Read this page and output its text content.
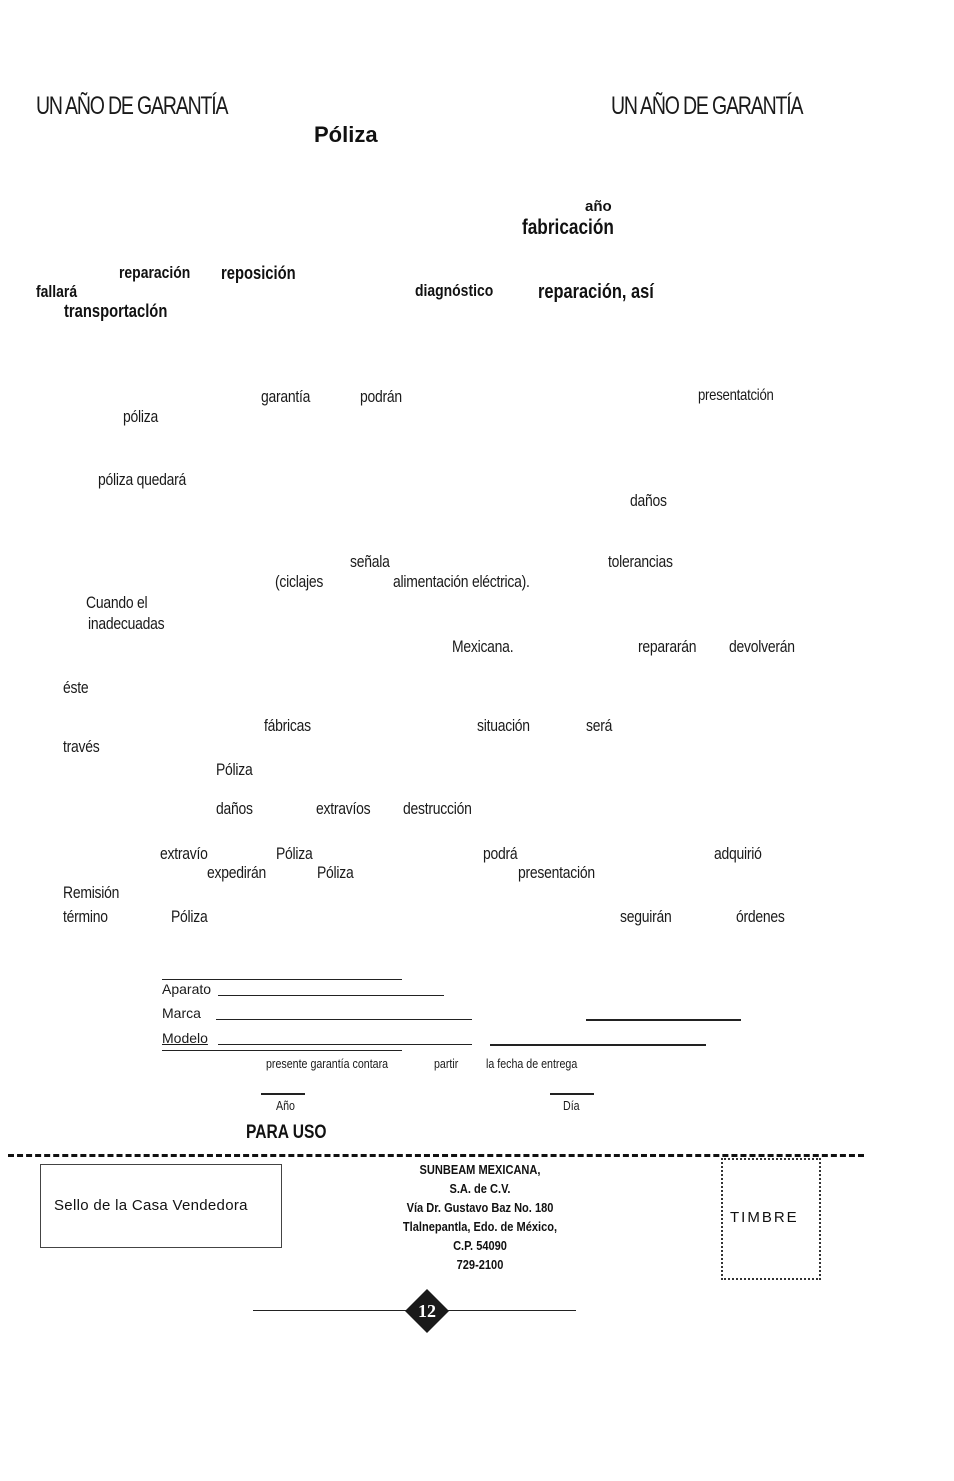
UN AÑO DE GARANTÍA	UN AÑO DE GARANTÍA
Póliza
año
fabricación
reparación reposición
fallará	diagnóstico reparación, así
transportaclón
garantía	podrán	presentatción
póliza
póliza quedará
daños
señala	tolerancias
(ciclajes	alimentación eléctrica).
Cuando el
inadecuadas
Mexicana.	repararán devolverán
éste
fábricas	situación	será
través
Póliza
daños	extravíos destrucción
extravío	Póliza	podrá	adquirió
expedirán	Póliza	presentación
Remisión
término	Póliza	seguirán	órdenes
Aparato
Marca
Modelo
presente garantía contara	partir la fecha de entrega
Año	Día
PARA USO
Sello de la Casa Vendedora
SUNBEAM MEXICANA,
S.A. de C.V.
Vía Dr. Gustavo Baz No. 180
Tlalnepantla, Edo. de México,
C.P. 54090
729-2100
TIMBRE
12
